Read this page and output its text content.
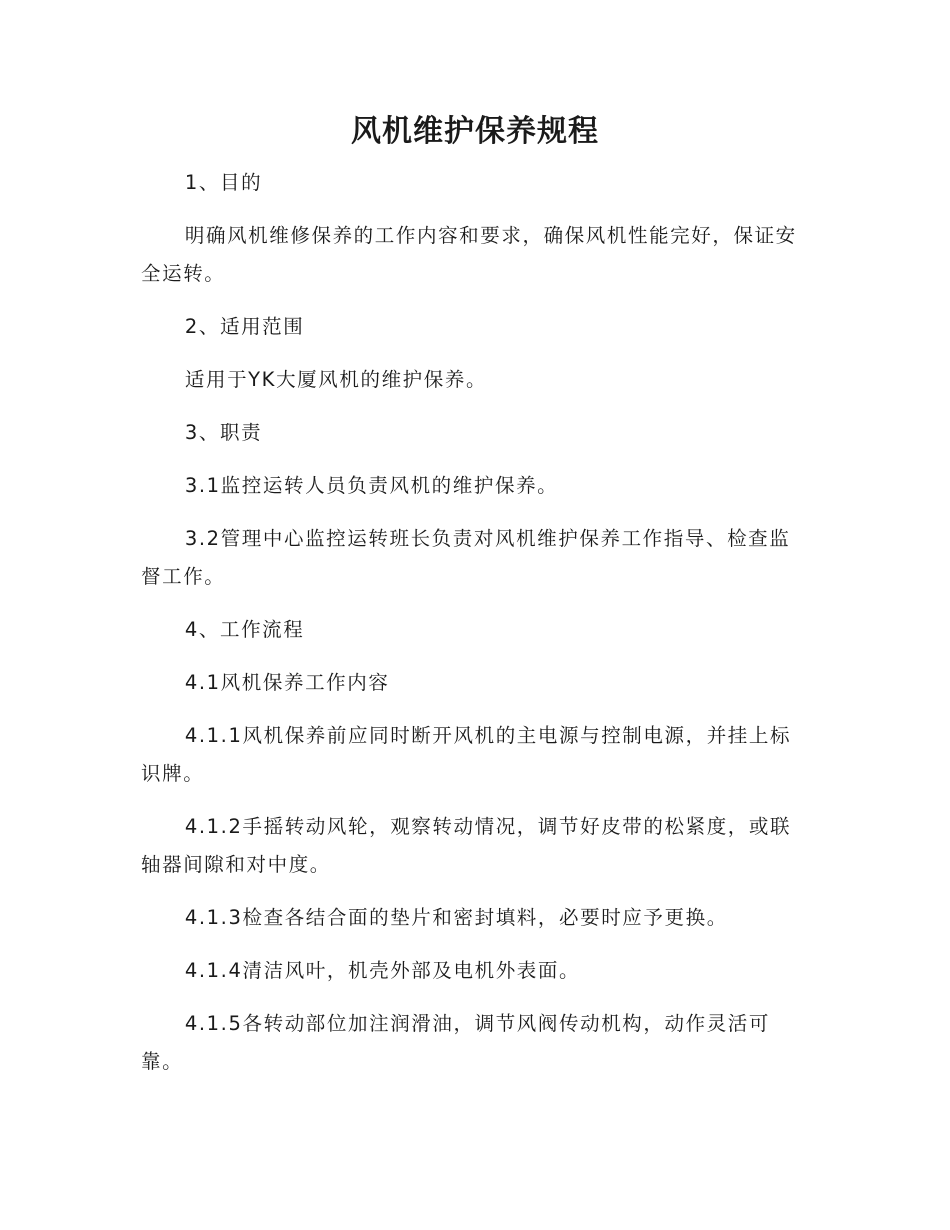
风机维护保养规程

1、目的

明确风机维修保养的工作内容和要求，确保风机性能完好，保证安全运转。

2、适用范围

适用于YK大厦风机的维护保养。

3、职责

3.1监控运转人员负责风机的维护保养。

3.2管理中心监控运转班长负责对风机维护保养工作指导、检查监督工作。

4、工作流程

4.1风机保养工作内容

4.1.1风机保养前应同时断开风机的主电源与控制电源，并挂上标识牌。

4.1.2手摇转动风轮，观察转动情况，调节好皮带的松紧度，或联轴器间隙和对中度。

4.1.3检查各结合面的垫片和密封填料，必要时应予更换。

4.1.4清洁风叶，机壳外部及电机外表面。

4.1.5各转动部位加注润滑油，调节风阀传动机构，动作灵活可靠。
